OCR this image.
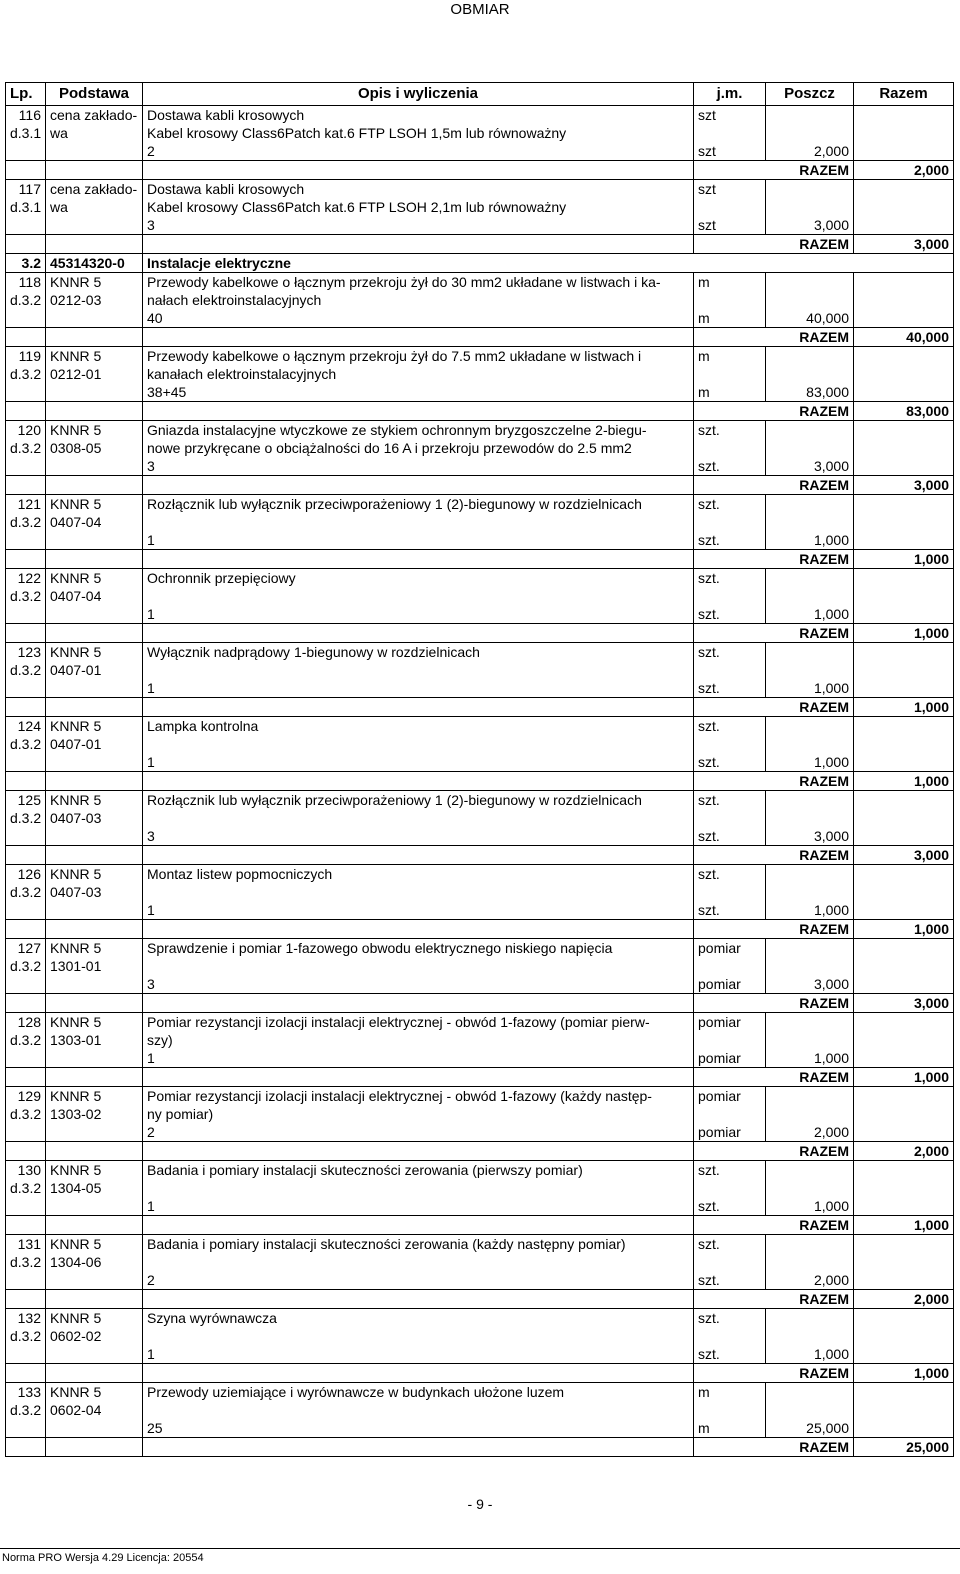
OBMIAR
Lp.	Podstawa	Opis i wyliczenia	j.m.	Poszcz	Razem
116	cena zakłado-	Dostawa kabli krosowych	szt		
d.3.1	wa	Kabel krosowy Class6Patch kat.6 FTP LSOH 1,5m lub równoważny			
		2	szt	2,000	
			RAZEM		2,000
117	cena zakłado-	Dostawa kabli krosowych	szt		
d.3.1	wa	Kabel krosowy Class6Patch kat.6 FTP LSOH 2,1m lub równoważny			
		3	szt	3,000	
			RAZEM		3,000
3.2	45314320-0	Instalacje elektryczne			
118	KNNR 5	Przewody kabelkowe o łącznym przekroju żył do 30 mm2 układane w listwach i ka-	m		
d.3.2	0212-03	nałach elektroinstalacyjnych			
		40	m	40,000	
			RAZEM		40,000
119	KNNR 5	Przewody kabelkowe o łącznym przekroju żył do 7.5 mm2 układane w listwach i	m		
d.3.2	0212-01	kanałach elektroinstalacyjnych			
		38+45	m	83,000	
			RAZEM		83,000
120	KNNR 5	Gniazda instalacyjne wtyczkowe ze stykiem ochronnym bryzgoszczelne 2-biegu-	szt.		
d.3.2	0308-05	nowe przykręcane o obciążalności do 16 A i przekroju przewodów do 2.5 mm2			
		3	szt.	3,000	
			RAZEM		3,000
121	KNNR 5	Rozłącznik lub wyłącznik przeciwporażeniowy 1 (2)-biegunowy w rozdzielnicach	szt.		
d.3.2	0407-04				
		1	szt.	1,000	
			RAZEM		1,000
122	KNNR 5	Ochronnik przepięciowy	szt.		
d.3.2	0407-04				
		1	szt.	1,000	
			RAZEM		1,000
123	KNNR 5	Wyłącznik nadprądowy 1-biegunowy w rozdzielnicach	szt.		
d.3.2	0407-01				
		1	szt.	1,000	
			RAZEM		1,000
124	KNNR 5	Lampka kontrolna	szt.		
d.3.2	0407-01				
		1	szt.	1,000	
			RAZEM		1,000
125	KNNR 5	Rozłącznik lub wyłącznik przeciwporażeniowy 1 (2)-biegunowy w rozdzielnicach	szt.		
d.3.2	0407-03				
		3	szt.	3,000	
			RAZEM		3,000
126	KNNR 5	Montaz listew popmocniczych	szt.		
d.3.2	0407-03				
		1	szt.	1,000	
			RAZEM		1,000
127	KNNR 5	Sprawdzenie i pomiar 1-fazowego obwodu elektrycznego niskiego napięcia	pomiar		
d.3.2	1301-01				
		3	pomiar	3,000	
			RAZEM		3,000
128	KNNR 5	Pomiar rezystancji izolacji instalacji elektrycznej - obwód 1-fazowy (pomiar pierw-	pomiar		
d.3.2	1303-01	szy)			
		1	pomiar	1,000	
			RAZEM		1,000
129	KNNR 5	Pomiar rezystancji izolacji instalacji elektrycznej - obwód 1-fazowy (każdy następ-	pomiar		
d.3.2	1303-02	ny pomiar)			
		2	pomiar	2,000	
			RAZEM		2,000
130	KNNR 5	Badania i pomiary instalacji skuteczności zerowania (pierwszy pomiar)	szt.		
d.3.2	1304-05				
		1	szt.	1,000	
			RAZEM		1,000
131	KNNR 5	Badania i pomiary instalacji skuteczności zerowania (każdy następny pomiar)	szt.		
d.3.2	1304-06				
		2	szt.	2,000	
			RAZEM		2,000
132	KNNR 5	Szyna wyrównawcza	szt.		
d.3.2	0602-02				
		1	szt.	1,000	
			RAZEM		1,000
133	KNNR 5	Przewody uziemiające i wyrównawcze w budynkach ułożone luzem	m		
d.3.2	0602-04				
		25	m	25,000	
			RAZEM		25,000
- 9 -
Norma PRO Wersja 4.29 Licencja: 20554
